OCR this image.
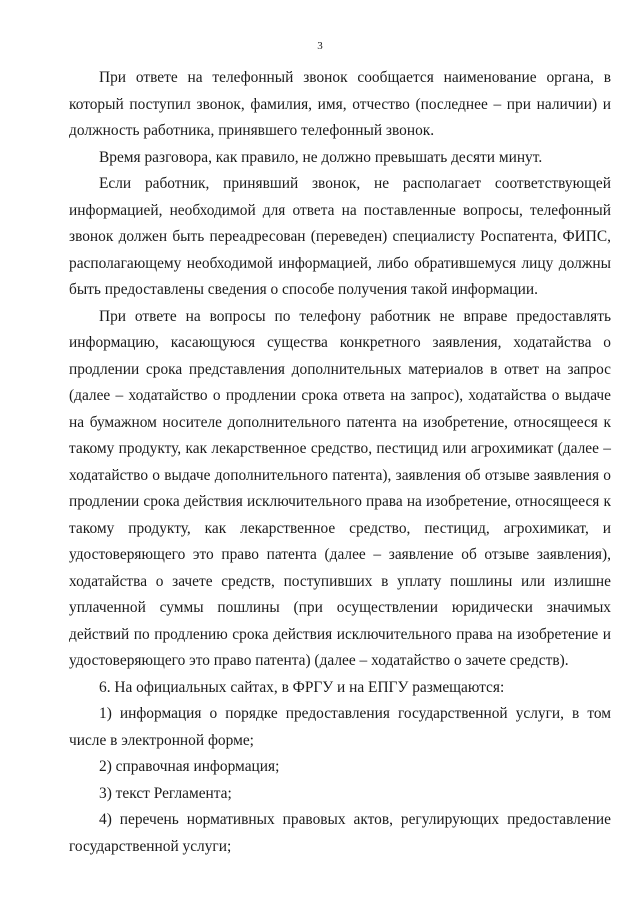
3

При ответе на телефонный звонок сообщается наименование органа, в который поступил звонок, фамилия, имя, отчество (последнее – при наличии) и должность работника, принявшего телефонный звонок.

Время разговора, как правило, не должно превышать десяти минут.

Если работник, принявший звонок, не располагает соответствующей информацией, необходимой для ответа на поставленные вопросы, телефонный звонок должен быть переадресован (переведен) специалисту Роспатента, ФИПС, располагающему необходимой информацией, либо обратившемуся лицу должны быть предоставлены сведения о способе получения такой информации.

При ответе на вопросы по телефону работник не вправе предоставлять информацию, касающуюся существа конкретного заявления, ходатайства о продлении срока представления дополнительных материалов в ответ на запрос (далее – ходатайство о продлении срока ответа на запрос), ходатайства о выдаче на бумажном носителе дополнительного патента на изобретение, относящееся к такому продукту, как лекарственное средство, пестицид или агрохимикат (далее – ходатайство о выдаче дополнительного патента), заявления об отзыве заявления о продлении срока действия исключительного права на изобретение, относящееся к такому продукту, как лекарственное средство, пестицид, агрохимикат, и удостоверяющего это право патента (далее – заявление об отзыве заявления), ходатайства о зачете средств, поступивших в уплату пошлины или излишне уплаченной суммы пошлины (при осуществлении юридически значимых действий по продлению срока действия исключительного права на изобретение и удостоверяющего это право патента) (далее – ходатайство о зачете средств).

6. На официальных сайтах, в ФРГУ и на ЕПГУ размещаются:

1) информация о порядке предоставления государственной услуги, в том числе в электронной форме;

2) справочная информация;

3) текст Регламента;

4) перечень нормативных правовых актов, регулирующих предоставление государственной услуги;
